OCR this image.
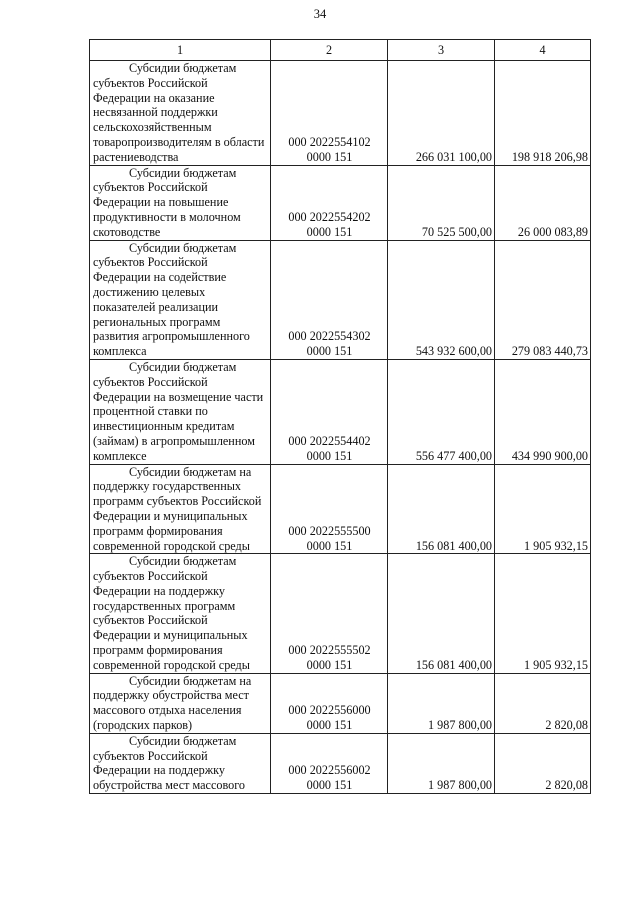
34
1	2	3	4

Субсидии бюджетам субъектов Российской Федерации на оказание несвязанной поддержки сельскохозяйственным товаропроизводителям в области растениеводства	000 2022554102
0000 151	266 031 100,00	198 918 206,98

Субсидии бюджетам субъектов Российской Федерации на повышение продуктивности в молочном скотоводстве	000 2022554202
0000 151	70 525 500,00	26 000 083,89

Субсидии бюджетам субъектов Российской Федерации на содействие достижению целевых показателей реализации региональных программ развития агропромышленного комплекса	000 2022554302
0000 151	543 932 600,00	279 083 440,73

Субсидии бюджетам субъектов Российской Федерации на возмещение части процентной ставки по инвестиционным кредитам (займам) в агропромышленном комплексе	000 2022554402
0000 151	556 477 400,00	434 990 900,00

Субсидии бюджетам на поддержку государственных программ субъектов Российской Федерации и муниципальных программ формирования современной городской среды	000 2022555500
0000 151	156 081 400,00	1 905 932,15

Субсидии бюджетам субъектов Российской Федерации на поддержку государственных программ субъектов Российской Федерации и муниципальных программ формирования современной городской среды	000 2022555502
0000 151	156 081 400,00	1 905 932,15

Субсидии бюджетам на поддержку обустройства мест массового отдыха населения (городских парков)	000 2022556000
0000 151	1 987 800,00	2 820,08

Субсидии бюджетам субъектов Российской Федерации на поддержку обустройства мест массового	000 2022556002
0000 151	1 987 800,00	2 820,08
